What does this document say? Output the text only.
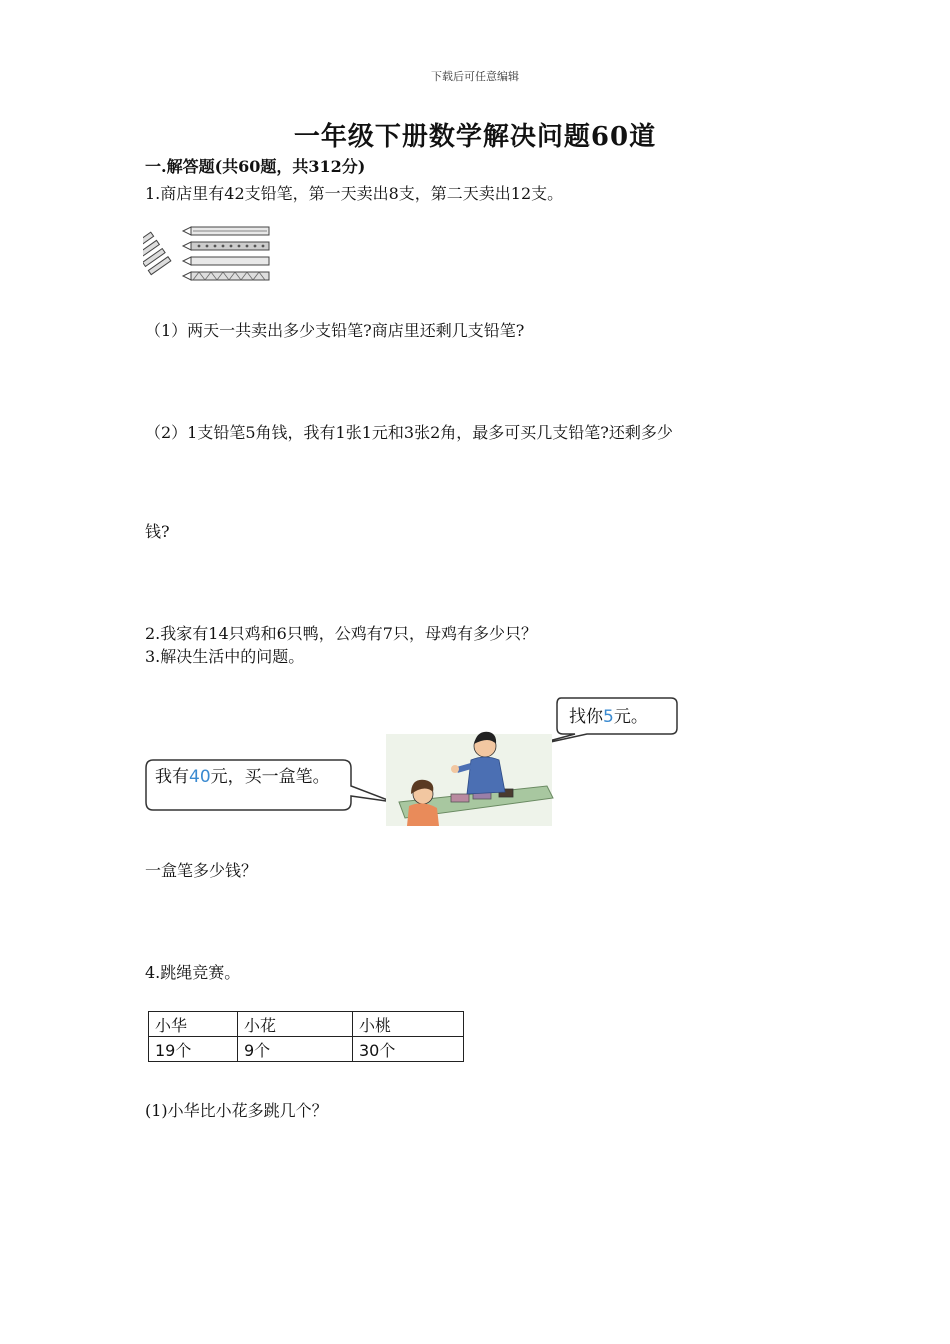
下载后可任意编辑
一年级下册数学解决问题60道
一.解答题(共60题，共312分)
1.商店里有42支铅笔，第一天卖出8支，第二天卖出12支。
（1）两天一共卖出多少支铅笔?商店里还剩几支铅笔?
（2）1支铅笔5角钱，我有1张1元和3张2角，最多可买几支铅笔?还剩多少
钱?
2.我家有14只鸡和6只鸭，公鸡有7只，母鸡有多少只？
3.解决生活中的问题。
找你5元。
我有40元，买一盒笔。
一盒笔多少钱？
4.跳绳竞赛。
小华	小花	小桃
19个	9个	30个
(1)小华比小花多跳几个？
